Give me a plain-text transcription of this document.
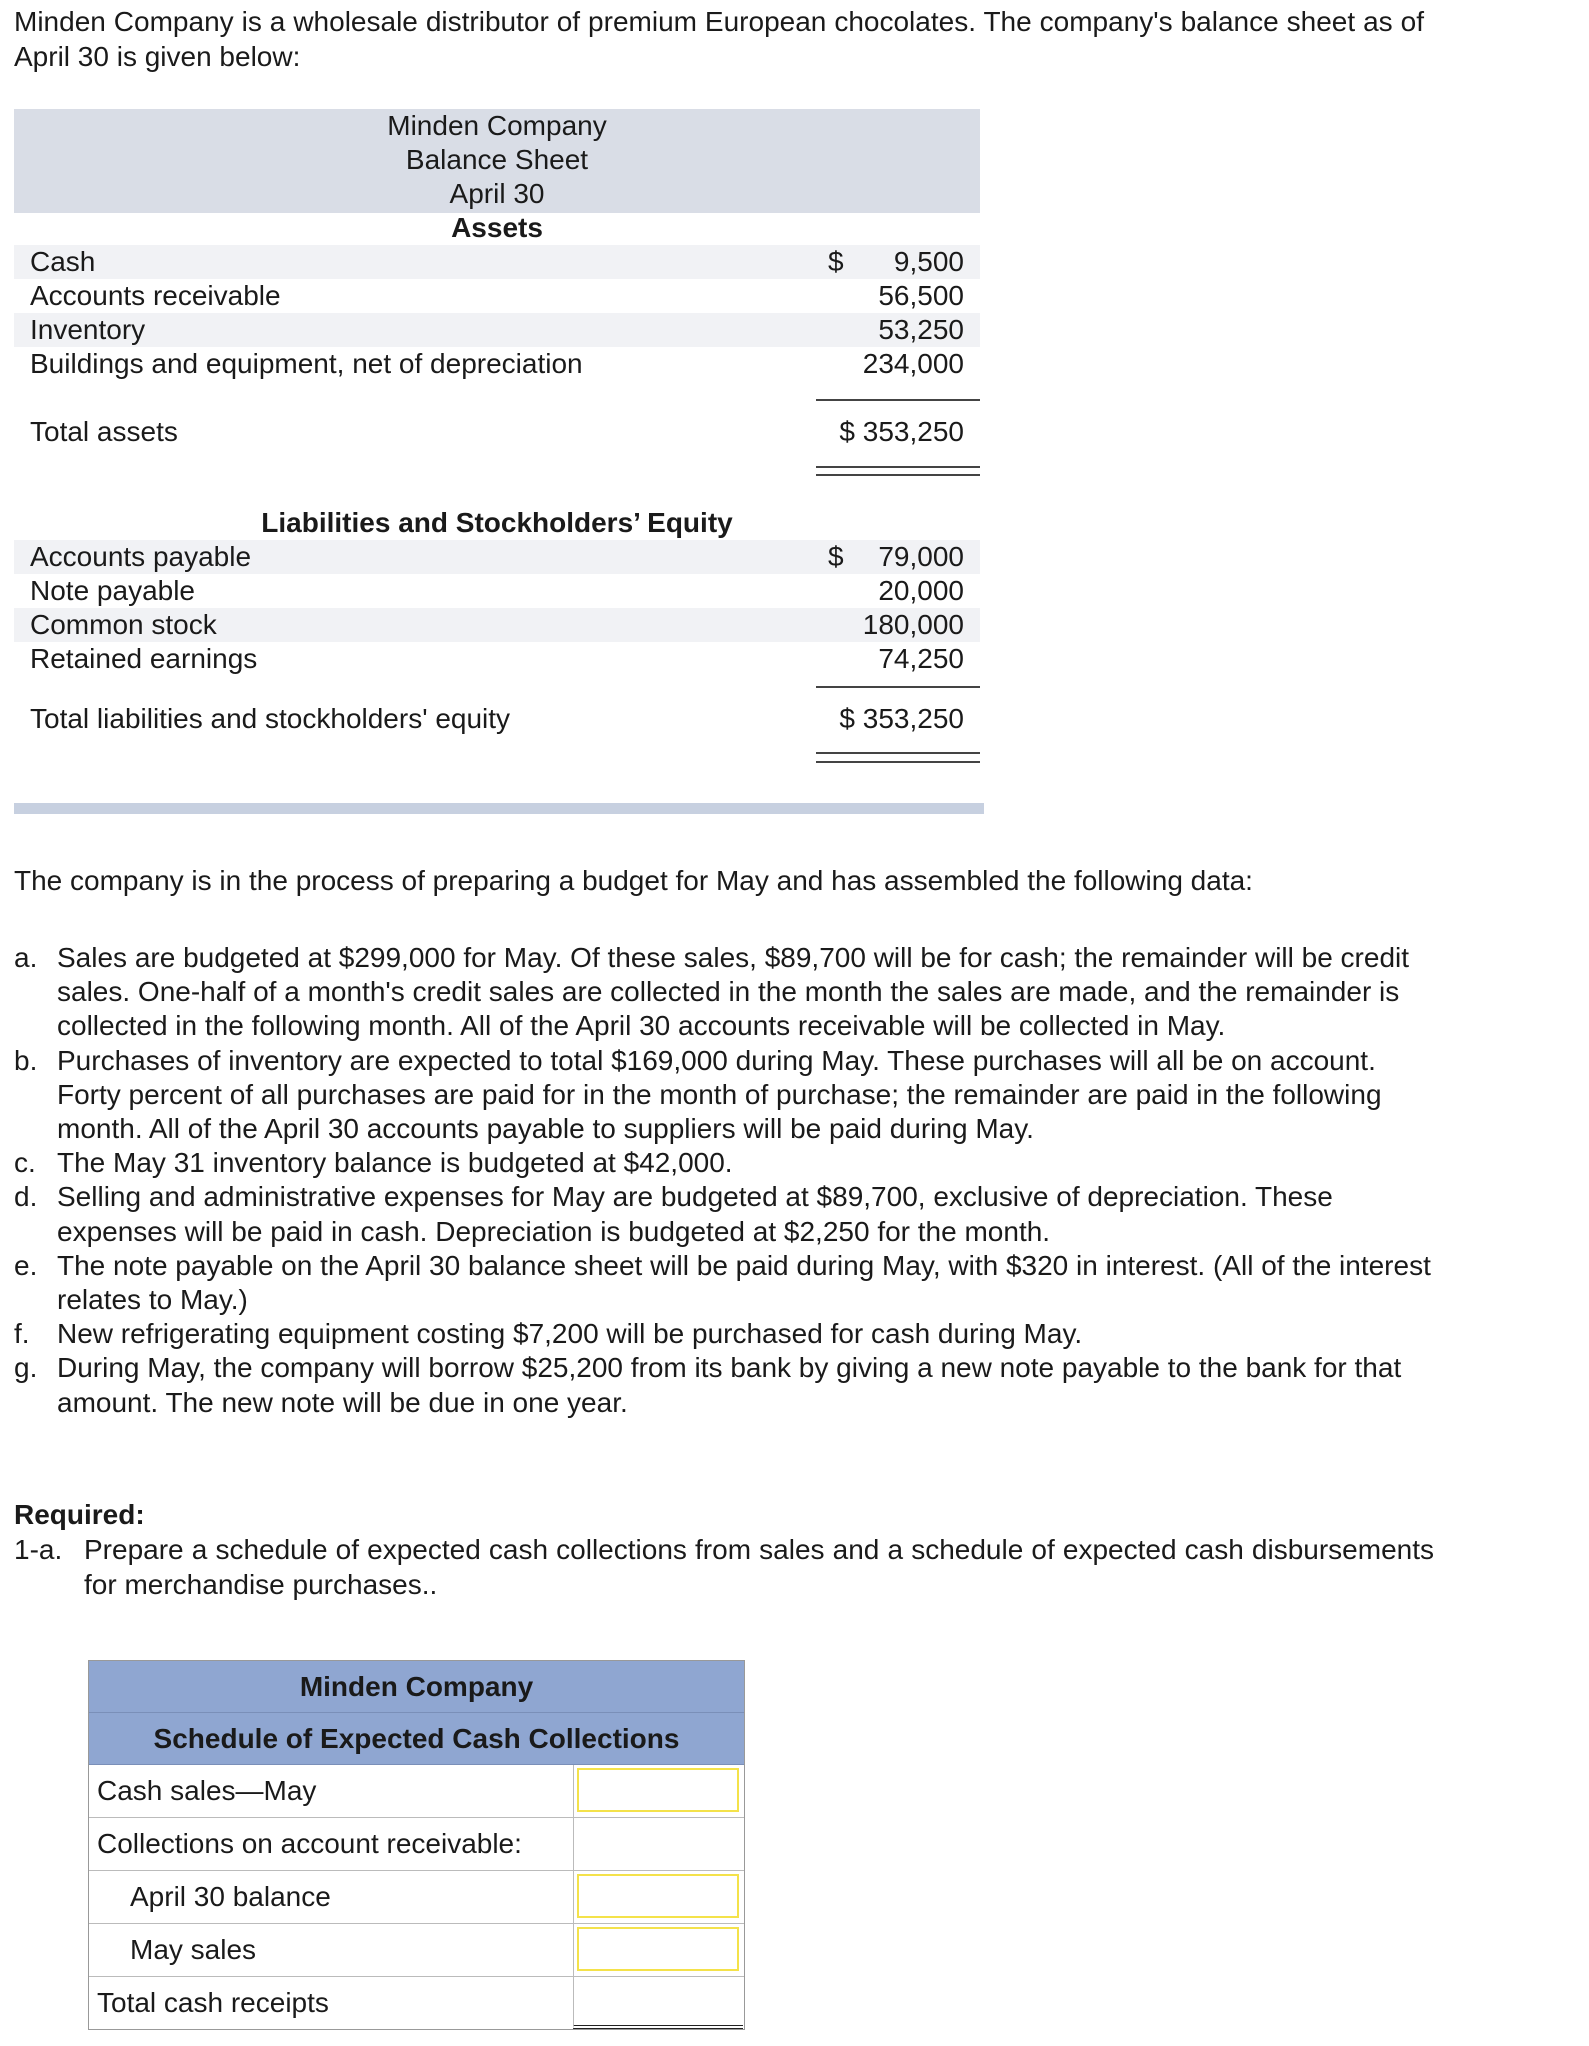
Minden Company is a wholesale distributor of premium European chocolates. The company's balance sheet as of April 30 is given below:
Minden Company
Balance Sheet
April 30
Assets
Cash	$ 9,500
Accounts receivable	56,500
Inventory	53,250
Buildings and equipment, net of depreciation	234,000
Total assets	$ 353,250
Liabilities and Stockholders’ Equity
Accounts payable	$ 79,000
Note payable	20,000
Common stock	180,000
Retained earnings	74,250
Total liabilities and stockholders' equity	$ 353,250
The company is in the process of preparing a budget for May and has assembled the following data:
a. Sales are budgeted at $299,000 for May. Of these sales, $89,700 will be for cash; the remainder will be credit sales. One-half of a month's credit sales are collected in the month the sales are made, and the remainder is collected in the following month. All of the April 30 accounts receivable will be collected in May.
b. Purchases of inventory are expected to total $169,000 during May. These purchases will all be on account. Forty percent of all purchases are paid for in the month of purchase; the remainder are paid in the following month. All of the April 30 accounts payable to suppliers will be paid during May.
c. The May 31 inventory balance is budgeted at $42,000.
d. Selling and administrative expenses for May are budgeted at $89,700, exclusive of depreciation. These expenses will be paid in cash. Depreciation is budgeted at $2,250 for the month.
e. The note payable on the April 30 balance sheet will be paid during May, with $320 in interest. (All of the interest relates to May.)
f. New refrigerating equipment costing $7,200 will be purchased for cash during May.
g. During May, the company will borrow $25,200 from its bank by giving a new note payable to the bank for that amount. The new note will be due in one year.
Required:
1-a. Prepare a schedule of expected cash collections from sales and a schedule of expected cash disbursements for merchandise purchases..
Minden Company
Schedule of Expected Cash Collections
Cash sales—May
Collections on account receivable:
April 30 balance
May sales
Total cash receipts
